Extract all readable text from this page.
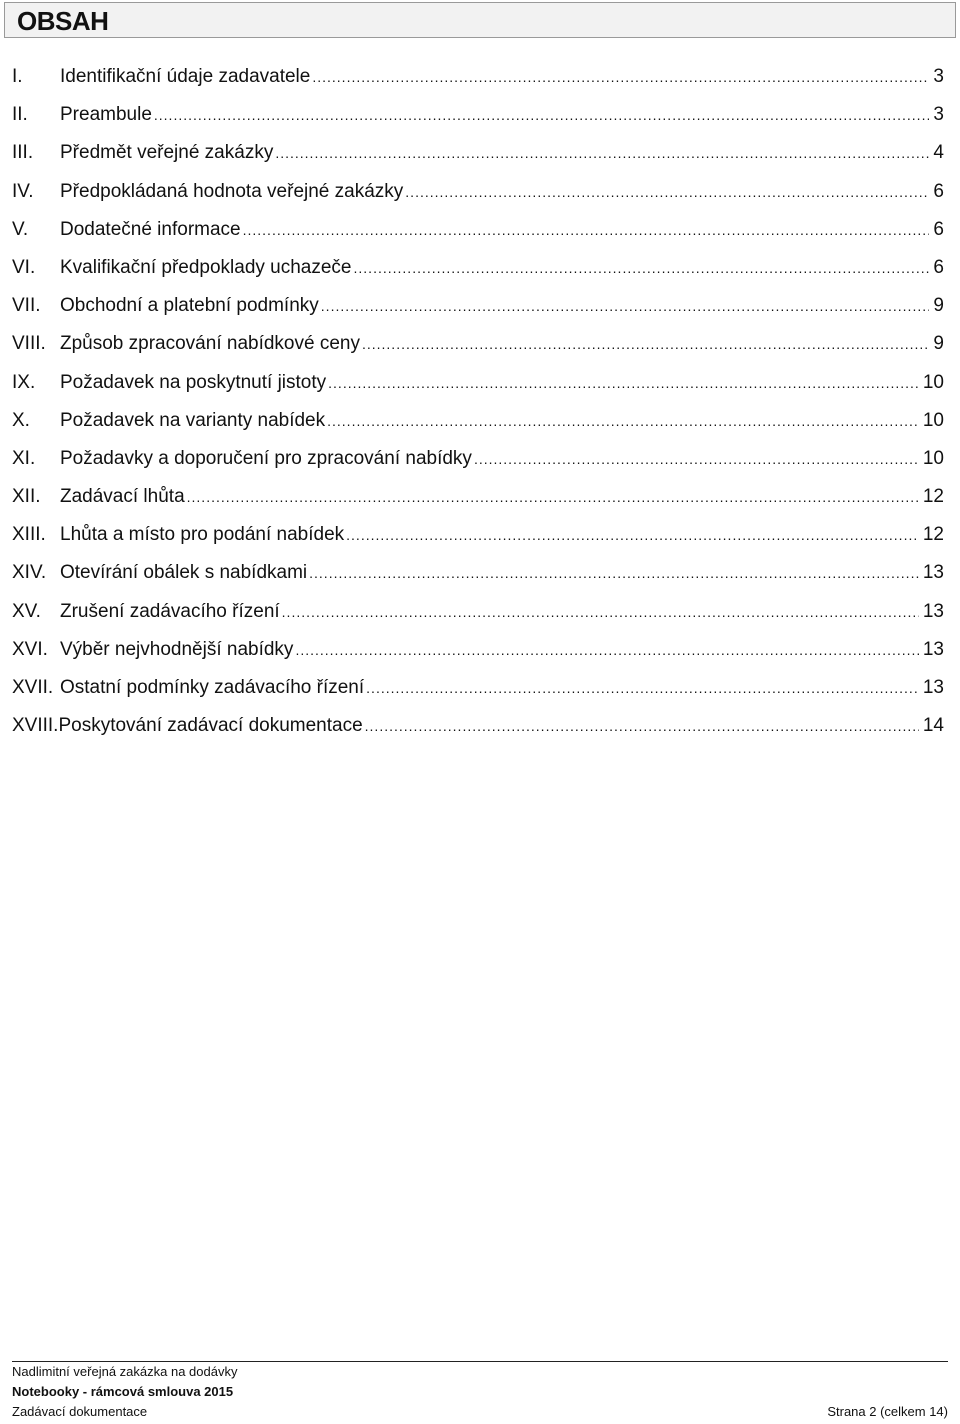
OBSAH
I.	Identifikační údaje zadavatele .....	3
II.	Preambule .....	3
III.	Předmět veřejné zakázky .....	4
IV.	Předpokládaná hodnota veřejné zakázky .....	6
V.	Dodatečné informace .....	6
VI.	Kvalifikační předpoklady uchazeče .....	6
VII.	Obchodní a platební podmínky .....	9
VIII. Způsob zpracování nabídkové ceny .....	9
IX.	Požadavek na poskytnutí jistoty .....	10
X.	Požadavek na varianty nabídek .....	10
XI.	Požadavky a doporučení pro zpracování nabídky .....	10
XII.	Zadávací lhůta .....	12
XIII. Lhůta a místo pro podání nabídek .....	12
XIV. Otevírání obálek s nabídkami .....	13
XV.	Zrušení zadávacího řízení .....	13
XVI. Výběr nejvhodnější nabídky .....	13
XVII. Ostatní podmínky zadávacího řízení .....	13
XVIII. Poskytování zadávací dokumentace .....	14
Nadlimitní veřejná zakázka na dodávky
Notebooky - rámcová smlouva 2015
Zadávací dokumentace	Strana 2 (celkem 14)
